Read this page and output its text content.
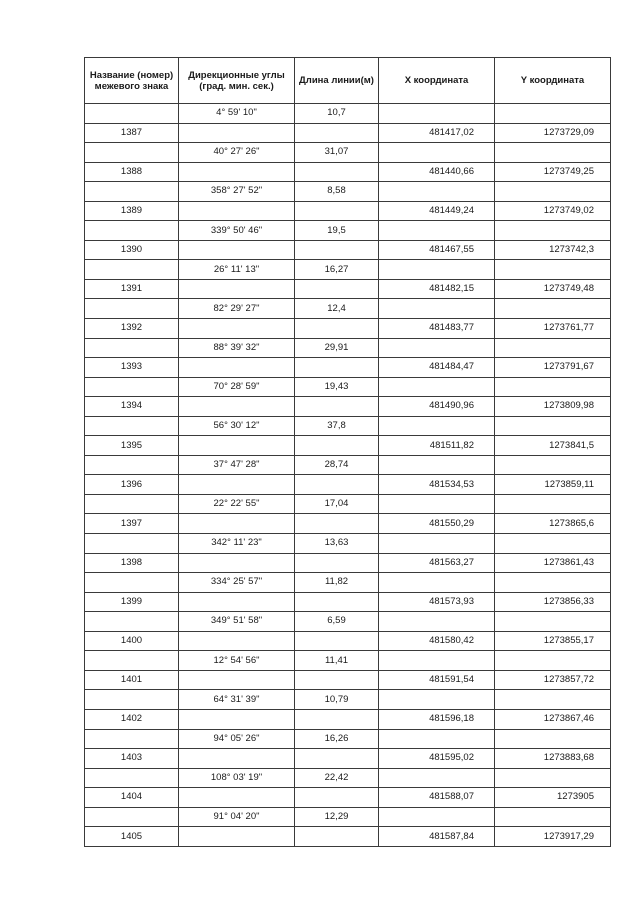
Название (номер) межевого знака	Дирекционные углы (град. мин. сек.)	Длина линии(м)	X координата	Y координата
	4° 59' 10"	10,7		
1387			481417,02	1273729,09
	40° 27' 26"	31,07		
1388			481440,66	1273749,25
	358° 27' 52"	8,58		
1389			481449,24	1273749,02
	339° 50' 46"	19,5		
1390			481467,55	1273742,3
	26° 11' 13"	16,27		
1391			481482,15	1273749,48
	82° 29' 27"	12,4		
1392			481483,77	1273761,77
	88° 39' 32"	29,91		
1393			481484,47	1273791,67
	70° 28' 59"	19,43		
1394			481490,96	1273809,98
	56° 30' 12"	37,8		
1395			481511,82	1273841,5
	37° 47' 28"	28,74		
1396			481534,53	1273859,11
	22° 22' 55"	17,04		
1397			481550,29	1273865,6
	342° 11' 23"	13,63		
1398			481563,27	1273861,43
	334° 25' 57"	11,82		
1399			481573,93	1273856,33
	349° 51' 58"	6,59		
1400			481580,42	1273855,17
	12° 54' 56"	11,41		
1401			481591,54	1273857,72
	64° 31' 39"	10,79		
1402			481596,18	1273867,46
	94° 05' 26"	16,26		
1403			481595,02	1273883,68
	108° 03' 19"	22,42		
1404			481588,07	1273905
	91° 04' 20"	12,29		
1405			481587,84	1273917,29
